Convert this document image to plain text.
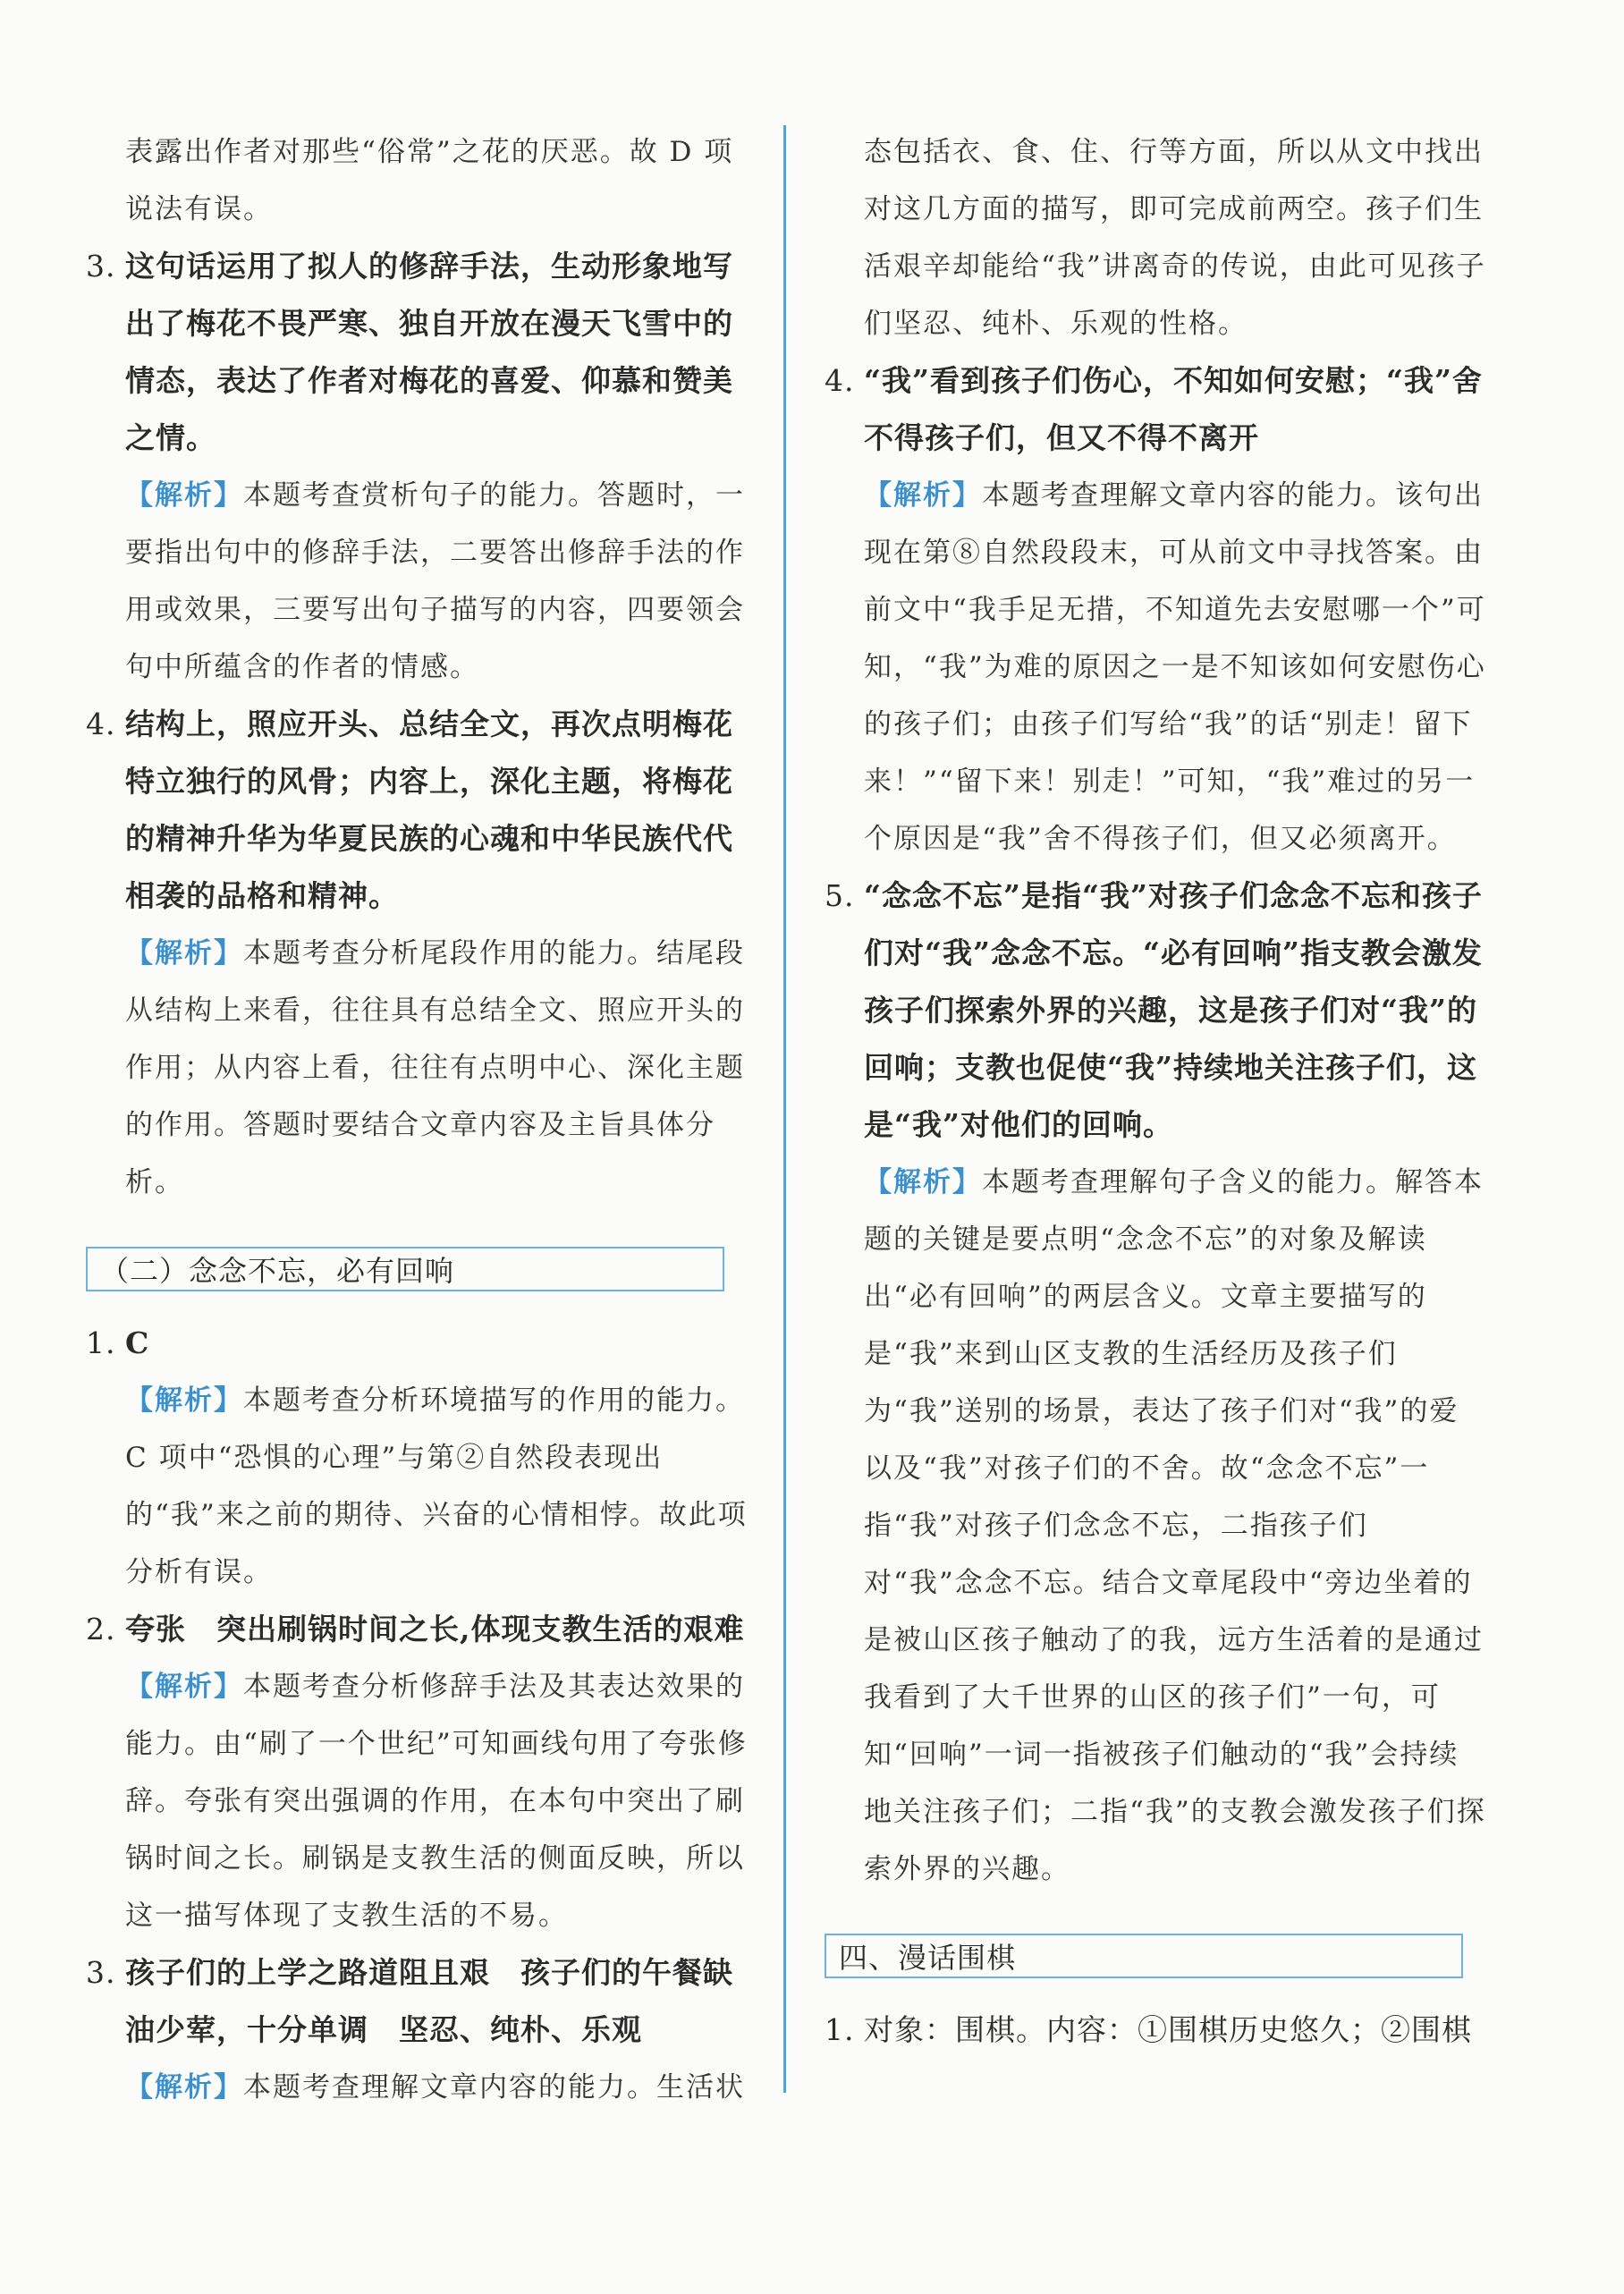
表露出作者对那些“俗常”之花的厌恶。故 D 项说法有误。
3. 这句话运用了拟人的修辞手法，生动形象地写出了梅花不畏严寒、独自开放在漫天飞雪中的情态，表达了作者对梅花的喜爱、仰慕和赞美之情。
【解析】本题考查赏析句子的能力。答题时，一要指出句中的修辞手法，二要答出修辞手法的作用或效果，三要写出句子描写的内容，四要领会句中所蕴含的作者的情感。
4. 结构上，照应开头、总结全文，再次点明梅花特立独行的风骨；内容上，深化主题，将梅花的精神升华为华夏民族的心魂和中华民族代代相袭的品格和精神。
【解析】本题考查分析尾段作用的能力。结尾段从结构上来看，往往具有总结全文、照应开头的作用；从内容上看，往往有点明中心、深化主题的作用。答题时要结合文章内容及主旨具体分析。
（二）念念不忘，必有回响
1. C
【解析】本题考查分析环境描写的作用的能力。C 项中“恐惧的心理”与第②自然段表现出的“我”来之前的期待、兴奋的心情相悖。故此项分析有误。
2. 夸张　突出刷锅时间之长,体现支教生活的艰难
【解析】本题考查分析修辞手法及其表达效果的能力。由“刷了一个世纪”可知画线句用了夸张修辞。夸张有突出强调的作用，在本句中突出了刷锅时间之长。刷锅是支教生活的侧面反映，所以这一描写体现了支教生活的不易。
3. 孩子们的上学之路道阻且艰　孩子们的午餐缺油少荤，十分单调　坚忍、纯朴、乐观
【解析】本题考查理解文章内容的能力。生活状
态包括衣、食、住、行等方面，所以从文中找出对这几方面的描写，即可完成前两空。孩子们生活艰辛却能给“我”讲离奇的传说，由此可见孩子们坚忍、纯朴、乐观的性格。
4. “我”看到孩子们伤心，不知如何安慰；“我”舍不得孩子们，但又不得不离开
【解析】本题考查理解文章内容的能力。该句出现在第⑧自然段段末，可从前文中寻找答案。由前文中“我手足无措，不知道先去安慰哪一个”可知，“我”为难的原因之一是不知该如何安慰伤心的孩子们；由孩子们写给“我”的话“别走！留下来！”“留下来！别走！”可知，“我”难过的另一个原因是“我”舍不得孩子们，但又必须离开。
5. “念念不忘”是指“我”对孩子们念念不忘和孩子们对“我”念念不忘。“必有回响”指支教会激发孩子们探索外界的兴趣，这是孩子们对“我”的回响；支教也促使“我”持续地关注孩子们，这是“我”对他们的回响。
【解析】本题考查理解句子含义的能力。解答本题的关键是要点明“念念不忘”的对象及解读出“必有回响”的两层含义。文章主要描写的是“我”来到山区支教的生活经历及孩子们为“我”送别的场景，表达了孩子们对“我”的爱以及“我”对孩子们的不舍。故“念念不忘”一指“我”对孩子们念念不忘，二指孩子们对“我”念念不忘。结合文章尾段中“旁边坐着的是被山区孩子触动了的我，远方生活着的是通过我看到了大千世界的山区的孩子们”一句，可知“回响”一词一指被孩子们触动的“我”会持续地关注孩子们；二指“我”的支教会激发孩子们探索外界的兴趣。
四、漫话围棋
1. 对象：围棋。内容：①围棋历史悠久；②围棋
